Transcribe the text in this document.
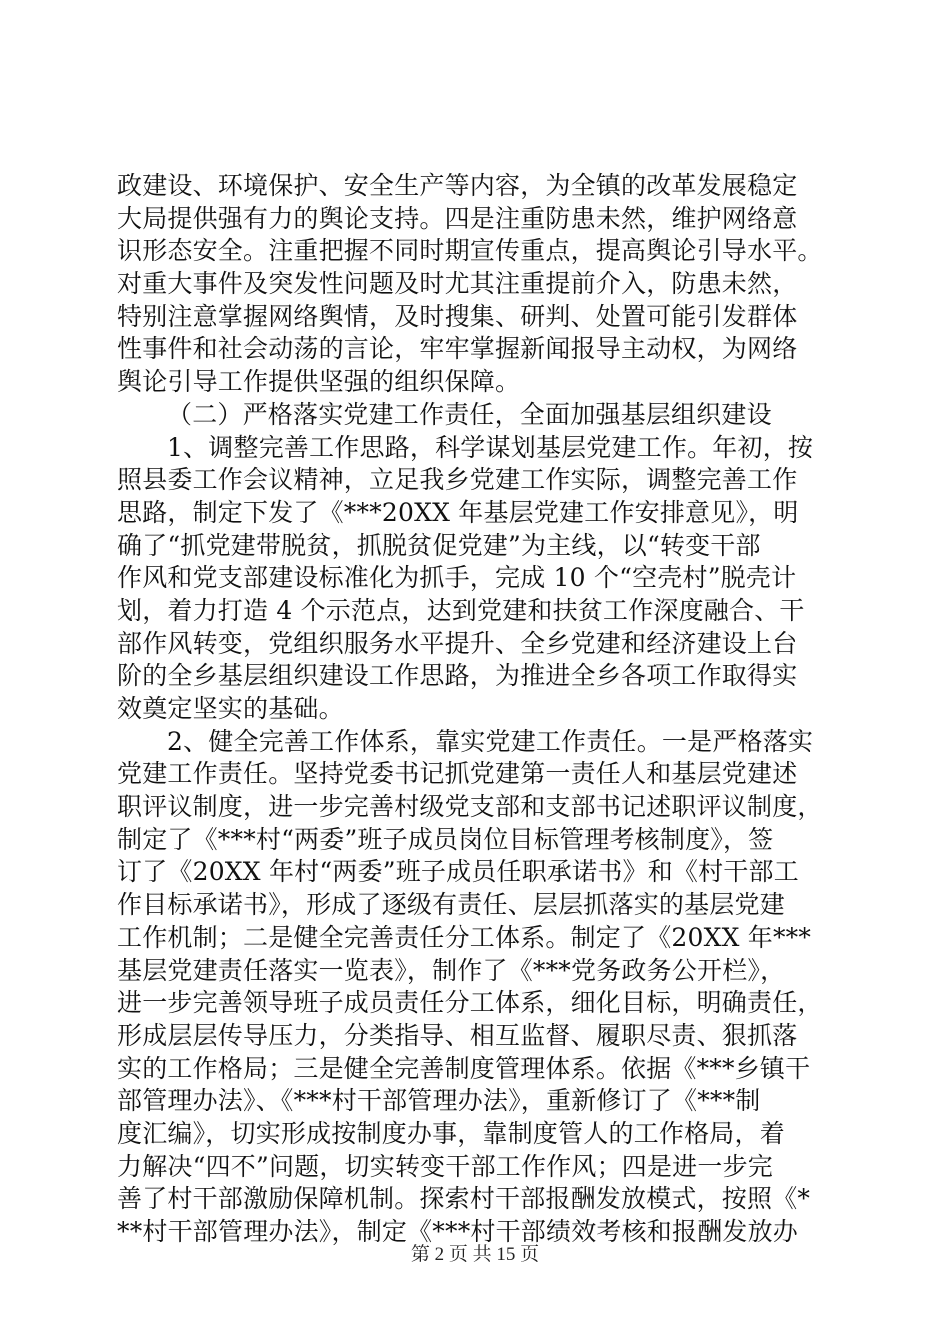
政建设、环境保护、安全生产等内容，为全镇的改革发展稳定
大局提供强有力的舆论支持。四是注重防患未然，维护网络意
识形态安全。注重把握不同时期宣传重点，提高舆论引导水平。
对重大事件及突发性问题及时尤其注重提前介入，防患未然，
特别注意掌握网络舆情，及时搜集、研判、处置可能引发群体
性事件和社会动荡的言论，牢牢掌握新闻报导主动权，为网络
舆论引导工作提供坚强的组织保障。
（二）严格落实党建工作责任，全面加强基层组织建设
1、调整完善工作思路，科学谋划基层党建工作。年初，按
照县委工作会议精神，立足我乡党建工作实际，调整完善工作
思路，制定下发了《***20XX 年基层党建工作安排意见》，明
确了“抓党建带脱贫，抓脱贫促党建”为主线，以“转变干部
作风和党支部建设标准化为抓手，完成 10 个“空壳村”脱壳计
划，着力打造 4 个示范点，达到党建和扶贫工作深度融合、干
部作风转变，党组织服务水平提升、全乡党建和经济建设上台
阶的全乡基层组织建设工作思路，为推进全乡各项工作取得实
效奠定坚实的基础。
2、健全完善工作体系，靠实党建工作责任。一是严格落实
党建工作责任。坚持党委书记抓党建第一责任人和基层党建述
职评议制度，进一步完善村级党支部和支部书记述职评议制度，
制定了《***村“两委”班子成员岗位目标管理考核制度》，签
订了《20XX 年村“两委”班子成员任职承诺书》和《村干部工
作目标承诺书》，形成了逐级有责任、层层抓落实的基层党建
工作机制；二是健全完善责任分工体系。制定了《20XX 年***
基层党建责任落实一览表》，制作了《***党务政务公开栏》，
进一步完善领导班子成员责任分工体系，细化目标，明确责任，
形成层层传导压力，分类指导、相互监督、履职尽责、狠抓落
实的工作格局；三是健全完善制度管理体系。依据《***乡镇干
部管理办法》、《***村干部管理办法》，重新修订了《***制
度汇编》，切实形成按制度办事，靠制度管人的工作格局，着
力解决“四不”问题，切实转变干部工作作风；四是进一步完
善了村干部激励保障机制。探索村干部报酬发放模式，按照《*
**村干部管理办法》，制定《***村干部绩效考核和报酬发放办
第 2 页 共 15 页
